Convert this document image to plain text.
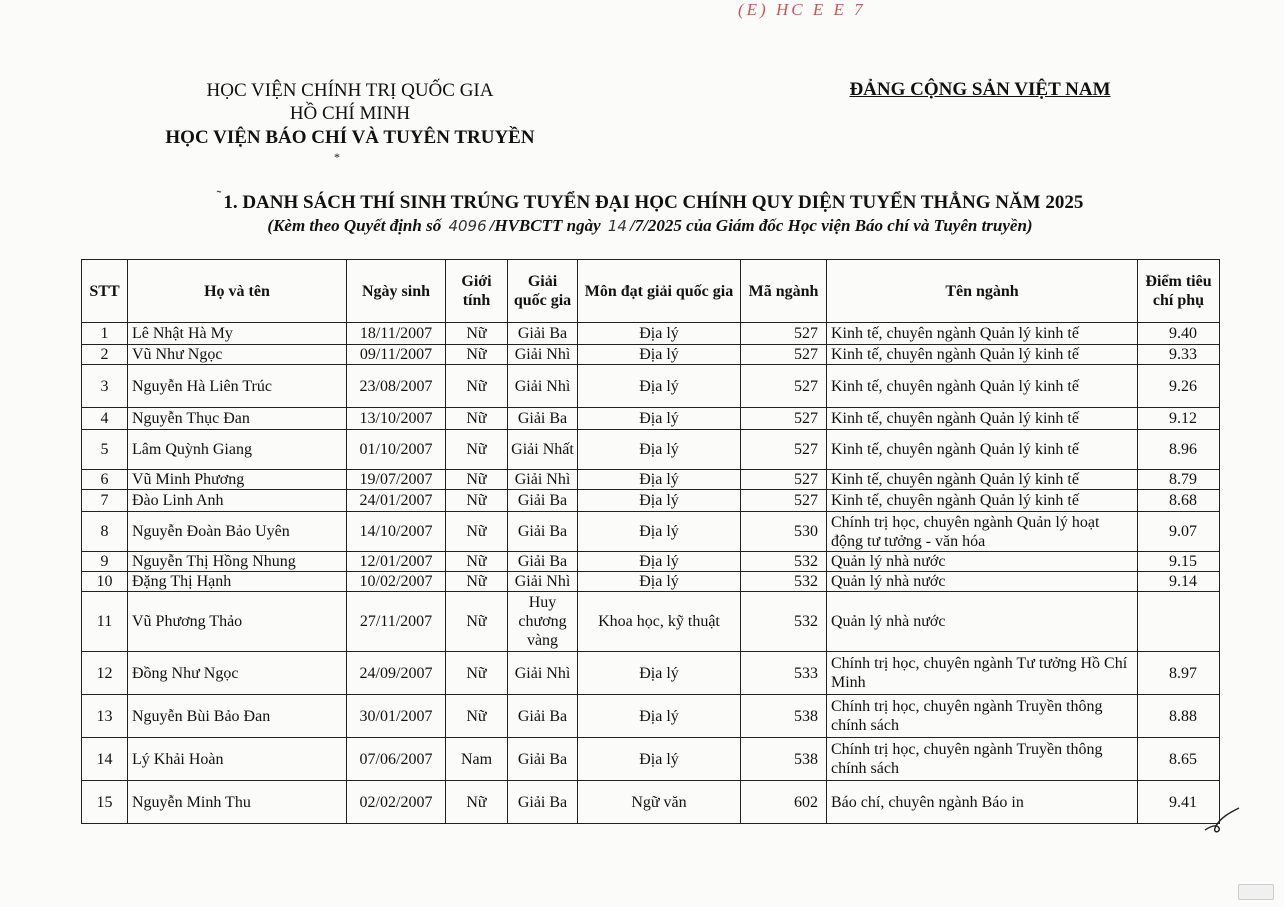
(E) HC E E 7
HỌC VIỆN CHÍNH TRỊ QUỐC GIA
HỒ CHÍ MINH
HỌC VIỆN BÁO CHÍ VÀ TUYÊN TRUYỀN
*
ĐẢNG CỘNG SẢN VIỆT NAM
˜ 1. DANH SÁCH THÍ SINH TRÚNG TUYỂN ĐẠI HỌC CHÍNH QUY DIỆN TUYỂN THẲNG NĂM 2025
(Kèm theo Quyết định số 4096 /HVBCTT ngày 14 /7/2025 của Giám đốc Học viện Báo chí và Tuyên truyền)
STT	Họ và tên	Ngày sinh	Giới tính	Giải quốc gia	Môn đạt giải quốc gia	Mã ngành	Tên ngành	Điểm tiêu chí phụ
1	Lê Nhật Hà My	18/11/2007	Nữ	Giải Ba	Địa lý	527	Kinh tế, chuyên ngành Quản lý kinh tế	9.40
2	Vũ Như Ngọc	09/11/2007	Nữ	Giải Nhì	Địa lý	527	Kinh tế, chuyên ngành Quản lý kinh tế	9.33
3	Nguyễn Hà Liên Trúc	23/08/2007	Nữ	Giải Nhì	Địa lý	527	Kinh tế, chuyên ngành Quản lý kinh tế	9.26
4	Nguyễn Thục Đan	13/10/2007	Nữ	Giải Ba	Địa lý	527	Kinh tế, chuyên ngành Quản lý kinh tế	9.12
5	Lâm Quỳnh Giang	01/10/2007	Nữ	Giải Nhất	Địa lý	527	Kinh tế, chuyên ngành Quản lý kinh tế	8.96
6	Vũ Minh Phương	19/07/2007	Nữ	Giải Nhì	Địa lý	527	Kinh tế, chuyên ngành Quản lý kinh tế	8.79
7	Đào Linh Anh	24/01/2007	Nữ	Giải Ba	Địa lý	527	Kinh tế, chuyên ngành Quản lý kinh tế	8.68
8	Nguyễn Đoàn Bảo Uyên	14/10/2007	Nữ	Giải Ba	Địa lý	530	Chính trị học, chuyên ngành Quản lý hoạt động tư tưởng - văn hóa	9.07
9	Nguyễn Thị Hồng Nhung	12/01/2007	Nữ	Giải Ba	Địa lý	532	Quản lý nhà nước	9.15
10	Đặng Thị Hạnh	10/02/2007	Nữ	Giải Nhì	Địa lý	532	Quản lý nhà nước	9.14
11	Vũ Phương Thảo	27/11/2007	Nữ	Huy chương vàng	Khoa học, kỹ thuật	532	Quản lý nhà nước	
12	Đồng Như Ngọc	24/09/2007	Nữ	Giải Nhì	Địa lý	533	Chính trị học, chuyên ngành Tư tưởng Hồ Chí Minh	8.97
13	Nguyễn Bùi Bảo Đan	30/01/2007	Nữ	Giải Ba	Địa lý	538	Chính trị học, chuyên ngành Truyền thông chính sách	8.88
14	Lý Khải Hoàn	07/06/2007	Nam	Giải Ba	Địa lý	538	Chính trị học, chuyên ngành Truyền thông chính sách	8.65
15	Nguyễn Minh Thu	02/02/2007	Nữ	Giải Ba	Ngữ văn	602	Báo chí, chuyên ngành Báo in	9.41
